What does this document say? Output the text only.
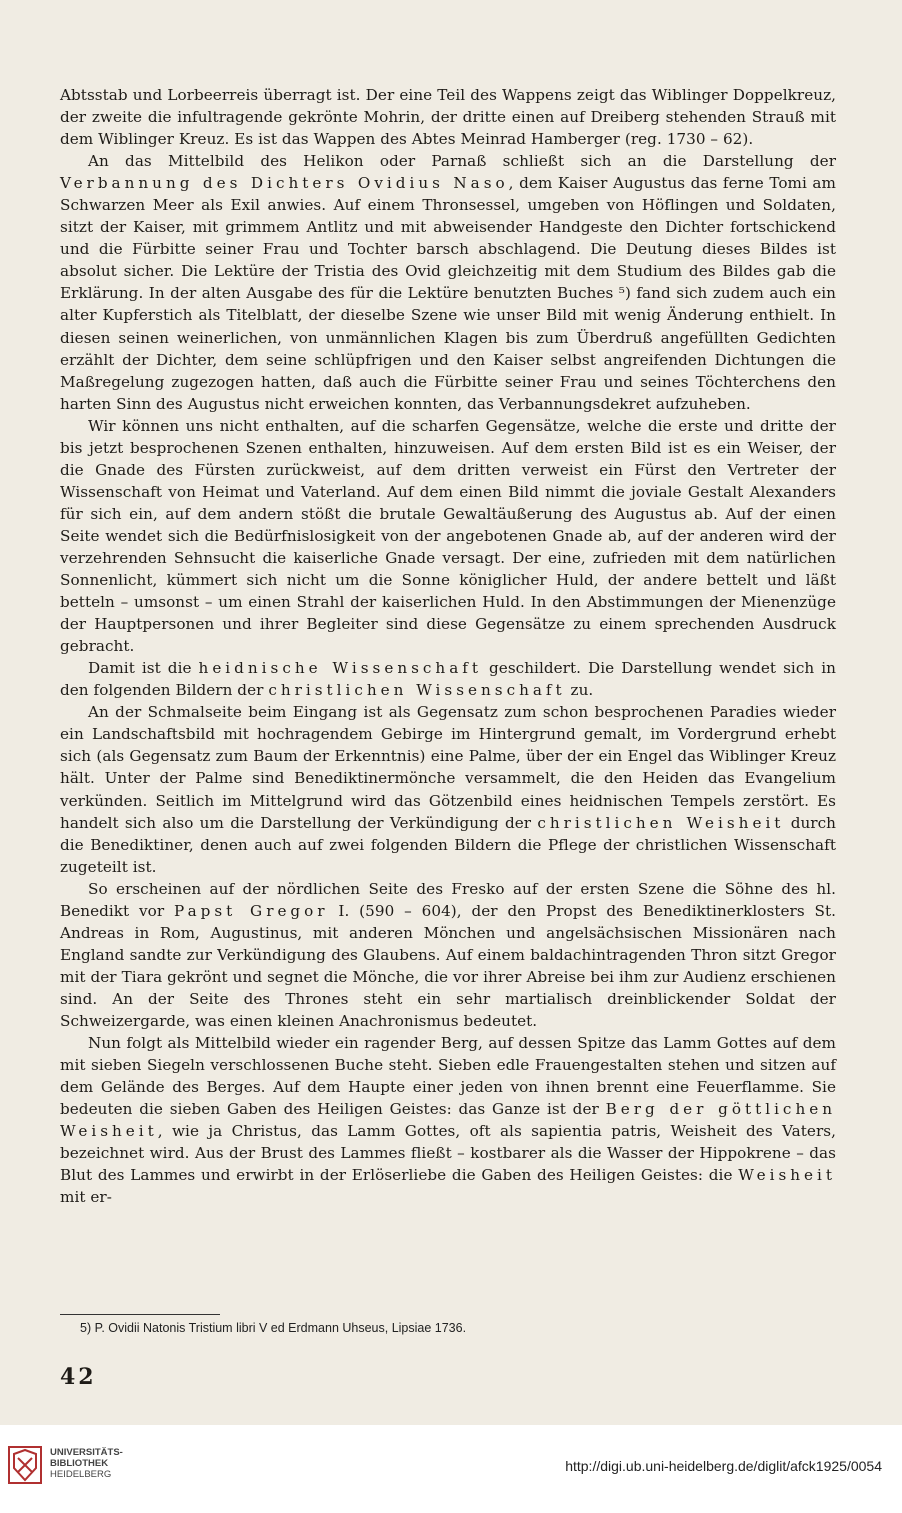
Abtsstab und Lorbeerreis überragt ist. Der eine Teil des Wappens zeigt das Wiblinger Doppelkreuz, der zweite die infultragende gekrönte Mohrin, der dritte einen auf Dreiberg stehenden Strauß mit dem Wiblinger Kreuz. Es ist das Wappen des Abtes Meinrad Hamberger (reg. 1730 – 62).

An das Mittelbild des Helikon oder Parnaß schließt sich an die Darstellung der Verbannung des Dichters Ovidius Naso, dem Kaiser Augustus das ferne Tomi am Schwarzen Meer als Exil anwies. Auf einem Thronsessel, umgeben von Höflingen und Soldaten, sitzt der Kaiser, mit grimmem Antlitz und mit abweisender Handgeste den Dichter fortschickend und die Fürbitte seiner Frau und Tochter barsch abschlagend. Die Deutung dieses Bildes ist absolut sicher. Die Lektüre der Tristia des Ovid gleichzeitig mit dem Studium des Bildes gab die Erklärung. In der alten Ausgabe des für die Lektüre benutzten Buches ⁵) fand sich zudem auch ein alter Kupferstich als Titelblatt, der dieselbe Szene wie unser Bild mit wenig Änderung enthielt. In diesen seinen weinerlichen, von unmännlichen Klagen bis zum Überdruß angefüllten Gedichten erzählt der Dichter, dem seine schlüpfrigen und den Kaiser selbst angreifenden Dichtungen die Maßregelung zugezogen hatten, daß auch die Fürbitte seiner Frau und seines Töchterchens den harten Sinn des Augustus nicht erweichen konnten, das Verbannungsdekret aufzuheben.

Wir können uns nicht enthalten, auf die scharfen Gegensätze, welche die erste und dritte der bis jetzt besprochenen Szenen enthalten, hinzuweisen. Auf dem ersten Bild ist es ein Weiser, der die Gnade des Fürsten zurückweist, auf dem dritten verweist ein Fürst den Vertreter der Wissenschaft von Heimat und Vaterland. Auf dem einen Bild nimmt die joviale Gestalt Alexanders für sich ein, auf dem andern stößt die brutale Gewaltäußerung des Augustus ab. Auf der einen Seite wendet sich die Bedürfnislosigkeit von der angebotenen Gnade ab, auf der anderen wird der verzehrenden Sehnsucht die kaiserliche Gnade versagt. Der eine, zufrieden mit dem natürlichen Sonnenlicht, kümmert sich nicht um die Sonne königlicher Huld, der andere bettelt und läßt betteln – umsonst – um einen Strahl der kaiserlichen Huld. In den Abstimmungen der Mienenzüge der Hauptpersonen und ihrer Begleiter sind diese Gegensätze zu einem sprechenden Ausdruck gebracht.

Damit ist die heidnische Wissenschaft geschildert. Die Darstellung wendet sich in den folgenden Bildern der christlichen Wissenschaft zu.

An der Schmalseite beim Eingang ist als Gegensatz zum schon besprochenen Paradies wieder ein Landschaftsbild mit hochragendem Gebirge im Hintergrund gemalt, im Vordergrund erhebt sich (als Gegensatz zum Baum der Erkenntnis) eine Palme, über der ein Engel das Wiblinger Kreuz hält. Unter der Palme sind Benediktinermönche versammelt, die den Heiden das Evangelium verkünden. Seitlich im Mittelgrund wird das Götzenbild eines heidnischen Tempels zerstört. Es handelt sich also um die Darstellung der Verkündigung der christlichen Weisheit durch die Benediktiner, denen auch auf zwei folgenden Bildern die Pflege der christlichen Wissenschaft zugeteilt ist.

So erscheinen auf der nördlichen Seite des Fresko auf der ersten Szene die Söhne des hl. Benedikt vor Papst Gregor I. (590 – 604), der den Propst des Benediktinerklosters St. Andreas in Rom, Augustinus, mit anderen Mönchen und angelsächsischen Missionären nach England sandte zur Verkündigung des Glaubens. Auf einem baldachintragenden Thron sitzt Gregor mit der Tiara gekrönt und segnet die Mönche, die vor ihrer Abreise bei ihm zur Audienz erschienen sind. An der Seite des Thrones steht ein sehr martialisch dreinblickender Soldat der Schweizergarde, was einen kleinen Anachronismus bedeutet.

Nun folgt als Mittelbild wieder ein ragender Berg, auf dessen Spitze das Lamm Gottes auf dem mit sieben Siegeln verschlossenen Buche steht. Sieben edle Frauengestalten stehen und sitzen auf dem Gelände des Berges. Auf dem Haupte einer jeden von ihnen brennt eine Feuerflamme. Sie bedeuten die sieben Gaben des Heiligen Geistes: das Ganze ist der Berg der göttlichen Weisheit, wie ja Christus, das Lamm Gottes, oft als sapientia patris, Weisheit des Vaters, bezeichnet wird. Aus der Brust des Lammes fließt – kostbarer als die Wasser der Hippokrene – das Blut des Lammes und erwirbt in der Erlöserliebe die Gaben des Heiligen Geistes: die Weisheit mit er-

5) P. Ovidii Natonis Tristium libri V ed Erdmann Uhseus, Lipsiae 1736.
42
UNIVERSITÄTS-
BIBLIOTHEK
HEIDELBERG
http://digi.ub.uni-heidelberg.de/diglit/afck1925/0054
